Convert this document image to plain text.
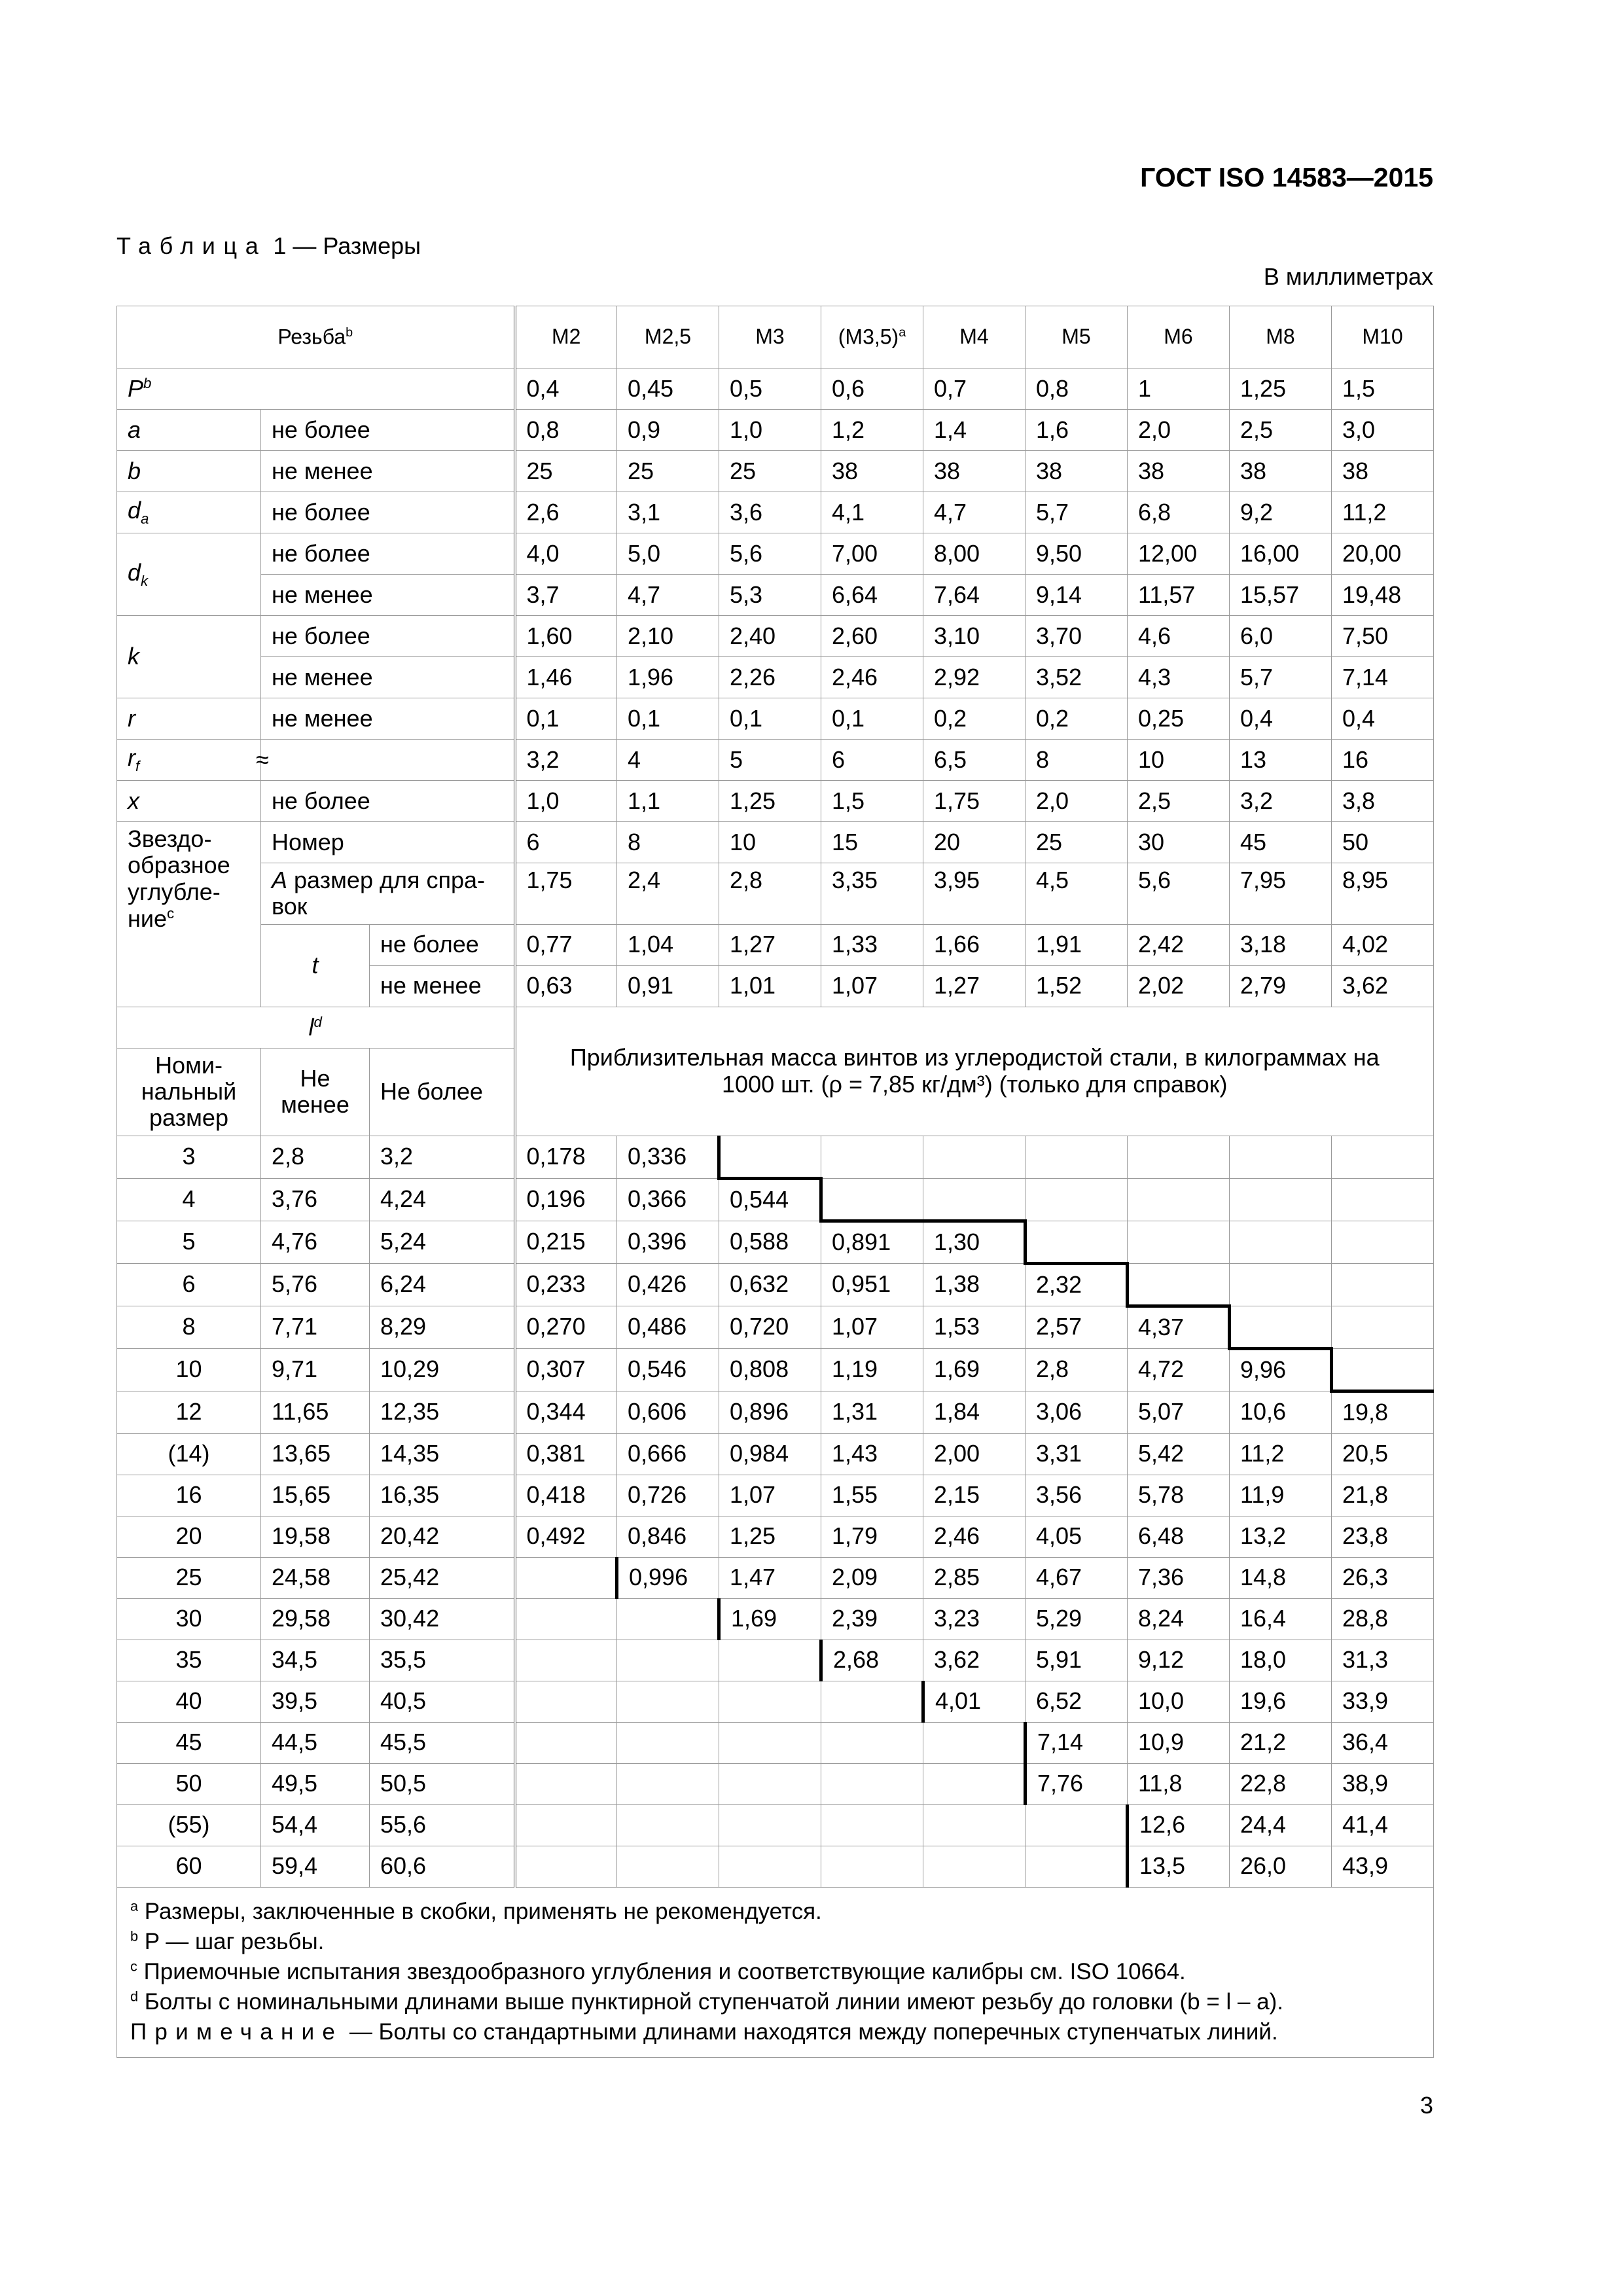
ГОСТ ISO 14583—2015
Таблица 1 — Размеры
В миллиметрах
Резьба$^b$			M2	M2,5	M3	$(M3,5)^a$	M4	M5	M6	M8	M10
$P^b$			0,4	0,45	0,5	0,6	0,7	0,8	1	1,25	1,5
a	не более		0,8	0,9	1,0	1,2	1,4	1,6	2,0	2,5	3,0
b	не менее		25	25	25	38	38	38	38	38	38
$d_a$	не более		2,6	3,1	3,6	4,1	4,7	5,7	6,8	9,2	11,2
$d_k$	не более		4,0	5,0	5,6	7,00	8,00	9,50	12,00	16,00	20,00
	не менее		3,7	4,7	5,3	6,64	7,64	9,14	11,57	15,57	19,48
k	не более		1,60	2,10	2,40	2,60	3,10	3,70	4,6	6,0	7,50
	не менее		1,46	1,96	2,26	2,46	2,92	3,52	4,3	5,7	7,14
r	не менее		0,1	0,1	0,1	0,1	0,2	0,2	0,25	0,4	0,4
$r_f$	≈		3,2	4	5	6	6,5	8	10	13	16
x	не более		1,0	1,1	1,25	1,5	1,75	2,0	2,5	3,2	3,8
Звездо-образное углубле-ние$^c$	Номер		6	8	10	15	20	25	30	45	50
	A размер для спра-вок		1,75	2,4	2,8	3,35	3,95	4,5	5,6	7,95	8,95
	t	не более	0,77	1,04	1,27	1,33	1,66	1,91	2,42	3,18	4,02
		не менее	0,63	0,91	1,01	1,07	1,27	1,52	2,02	2,79	3,62
$l^d$			Приблизительная масса винтов из углеродистой стали, в килограммах на 1000 шт. (ρ = 7,85 кг/дм³) (только для справок)								
Номи-нальный размер	Не менее	Не более									
3	2,8	3,2	0,178	0,336							
4	3,76	4,24	0,196	0,366	0,544						
5	4,76	5,24	0,215	0,396	0,588	0,891	1,30				
6	5,76	6,24	0,233	0,426	0,632	0,951	1,38	2,32			
8	7,71	8,29	0,270	0,486	0,720	1,07	1,53	2,57	4,37		
10	9,71	10,29	0,307	0,546	0,808	1,19	1,69	2,8	4,72	9,96	
12	11,65	12,35	0,344	0,606	0,896	1,31	1,84	3,06	5,07	10,6	19,8
(14)	13,65	14,35	0,381	0,666	0,984	1,43	2,00	3,31	5,42	11,2	20,5
16	15,65	16,35	0,418	0,726	1,07	1,55	2,15	3,56	5,78	11,9	21,8
20	19,58	20,42	0,492	0,846	1,25	1,79	2,46	4,05	6,48	13,2	23,8
25	24,58	25,42		0,996	1,47	2,09	2,85	4,67	7,36	14,8	26,3
30	29,58	30,42			1,69	2,39	3,23	5,29	8,24	16,4	28,8
35	34,5	35,5				2,68	3,62	5,91	9,12	18,0	31,3
40	39,5	40,5					4,01	6,52	10,0	19,6	33,9
45	44,5	45,5						7,14	10,9	21,2	36,4
50	49,5	50,5						7,76	11,8	22,8	38,9
(55)	54,4	55,6							12,6	24,4	41,4
60	59,4	60,6							13,5	26,0	43,9

$^a$ Размеры, заключенные в скобки, применять не рекомендуется.
$^b$ P — шаг резьбы.
$^c$ Приемочные испытания звездообразного углубления и соответствующие калибры см. ISO 10664.
$^d$ Болты с номинальными длинами выше пунктирной ступенчатой линии имеют резьбу до головки (b = l – a).
Примечание — Болты со стандартными длинами находятся между поперечных ступенчатых линий.											
3
